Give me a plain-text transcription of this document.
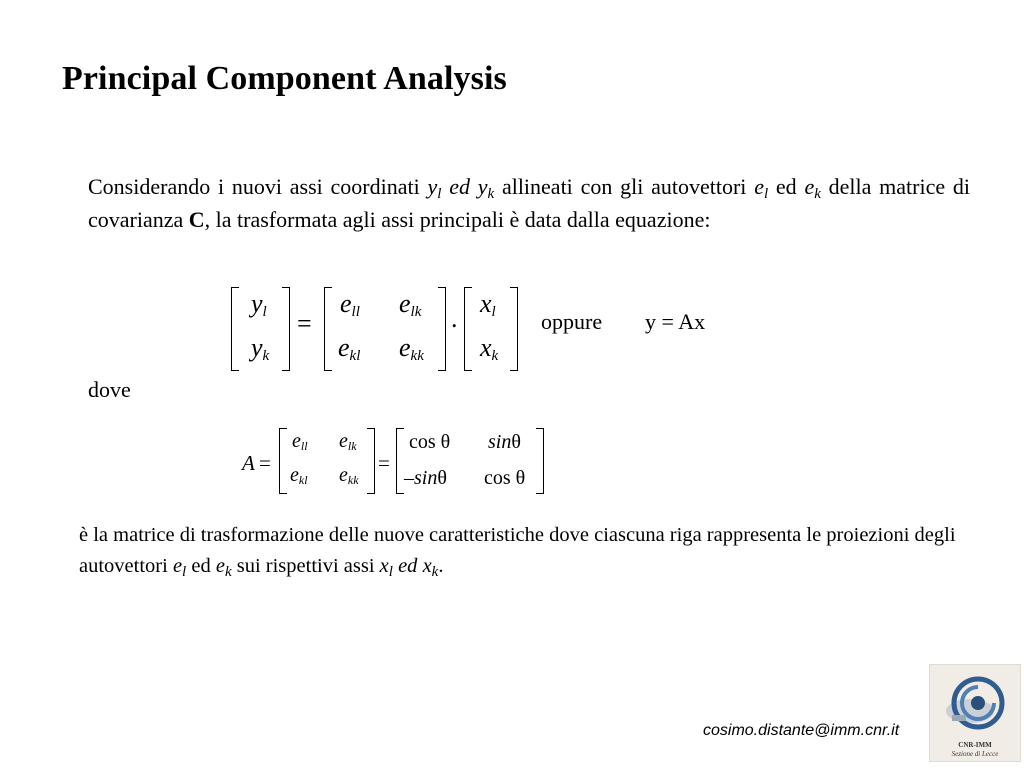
Principal Component Analysis

Considerando i nuovi assi coordinati $y_l$ ed $y_k$ allineati con gli autovettori $e_l$ ed $e_k$ della matrice di covarianza C, la trasformata agli assi principali è data dalla equazione:

$y_l$
$y_k$
=
$e_{ll}$ $e_{lk}$
$e_{kl}$ $e_{kk}$
.
$x_l$
$x_k$
oppure y = Ax
dove
A =
$e_{ll}$ $e_{lk}$
$e_{kl}$ $e_{kk}$
=
cos θ sinθ
–sinθ cos θ

è la matrice di trasformazione delle nuove caratteristiche dove ciascuna riga rappresenta le proiezioni degli autovettori $e_l$ ed $e_k$ sui rispettivi assi $x_l$ ed $x_k$.

cosimo.distante@imm.cnr.it
CNR-IMM
Sezione di Lecce
